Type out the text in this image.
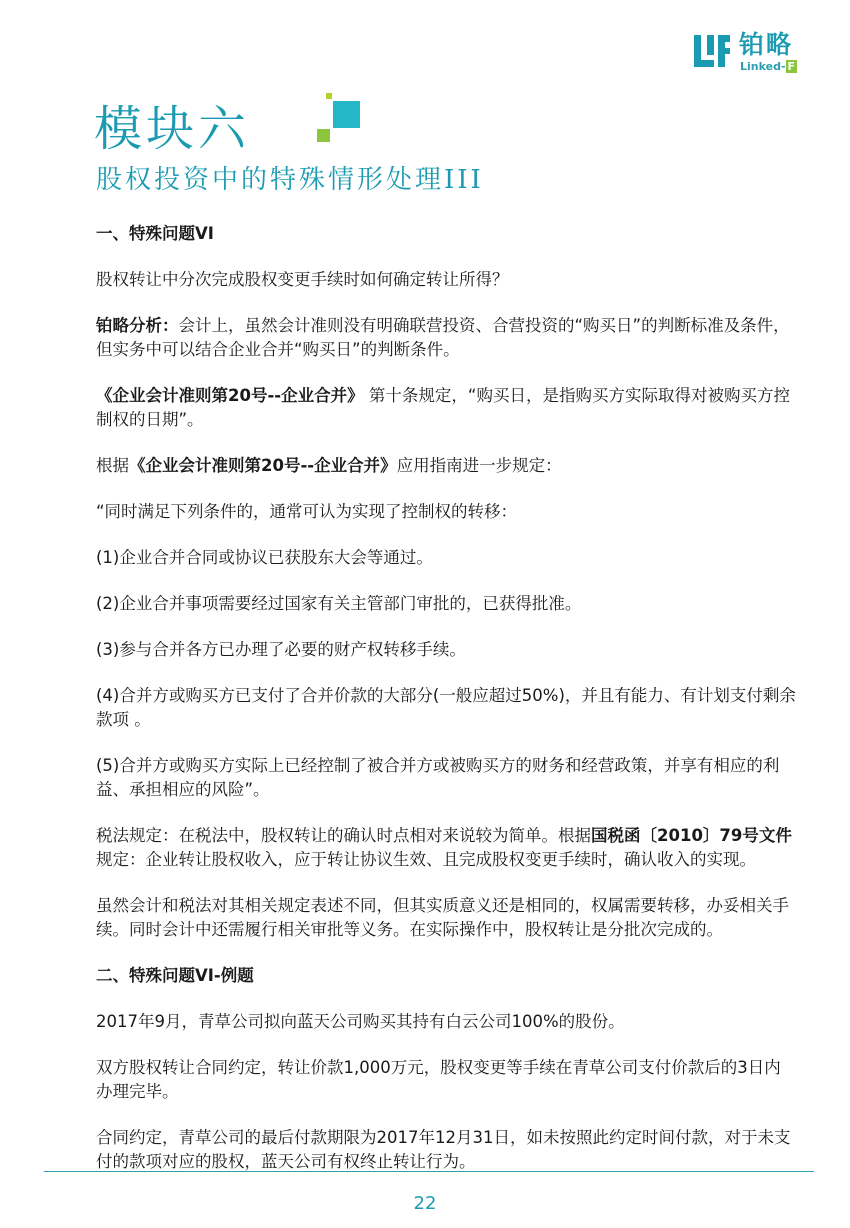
铂略
Linked- F
模块六
股权投资中的特殊情形处理III

一、特殊问题VI

股权转让中分次完成股权变更手续时如何确定转让所得？

铂略分析：会计上，虽然会计准则没有明确联营投资、合营投资的“购买日”的判断标准及条件，但实务中可以结合企业合并“购买日”的判断条件。

《企业会计准则第20号--企业合并》 第十条规定，“购买日，是指购买方实际取得对被购买方控制权的日期”。

根据《企业会计准则第20号--企业合并》应用指南进一步规定：

“同时满足下列条件的，通常可认为实现了控制权的转移：

(1)企业合并合同或协议已获股东大会等通过。

(2)企业合并事项需要经过国家有关主管部门审批的，已获得批准。

(3)参与合并各方已办理了必要的财产权转移手续。

(4)合并方或购买方已支付了合并价款的大部分(一般应超过50%)，并且有能力、有计划支付剩余款项 。

(5)合并方或购买方实际上已经控制了被合并方或被购买方的财务和经营政策，并享有相应的利益、承担相应的风险”。

税法规定：在税法中，股权转让的确认时点相对来说较为简单。根据国税函〔2010〕79号文件规定：企业转让股权收入，应于转让协议生效、且完成股权变更手续时，确认收入的实现。

虽然会计和税法对其相关规定表述不同，但其实质意义还是相同的，权属需要转移，办妥相关手续。同时会计中还需履行相关审批等义务。在实际操作中，股权转让是分批次完成的。

二、特殊问题VI-例题

2017年9月，青草公司拟向蓝天公司购买其持有白云公司100%的股份。

双方股权转让合同约定，转让价款1,000万元，股权变更等手续在青草公司支付价款后的3日内办理完毕。

合同约定，青草公司的最后付款期限为2017年12月31日，如未按照此约定时间付款，对于未支付的款项对应的股权，蓝天公司有权终止转让行为。

22
